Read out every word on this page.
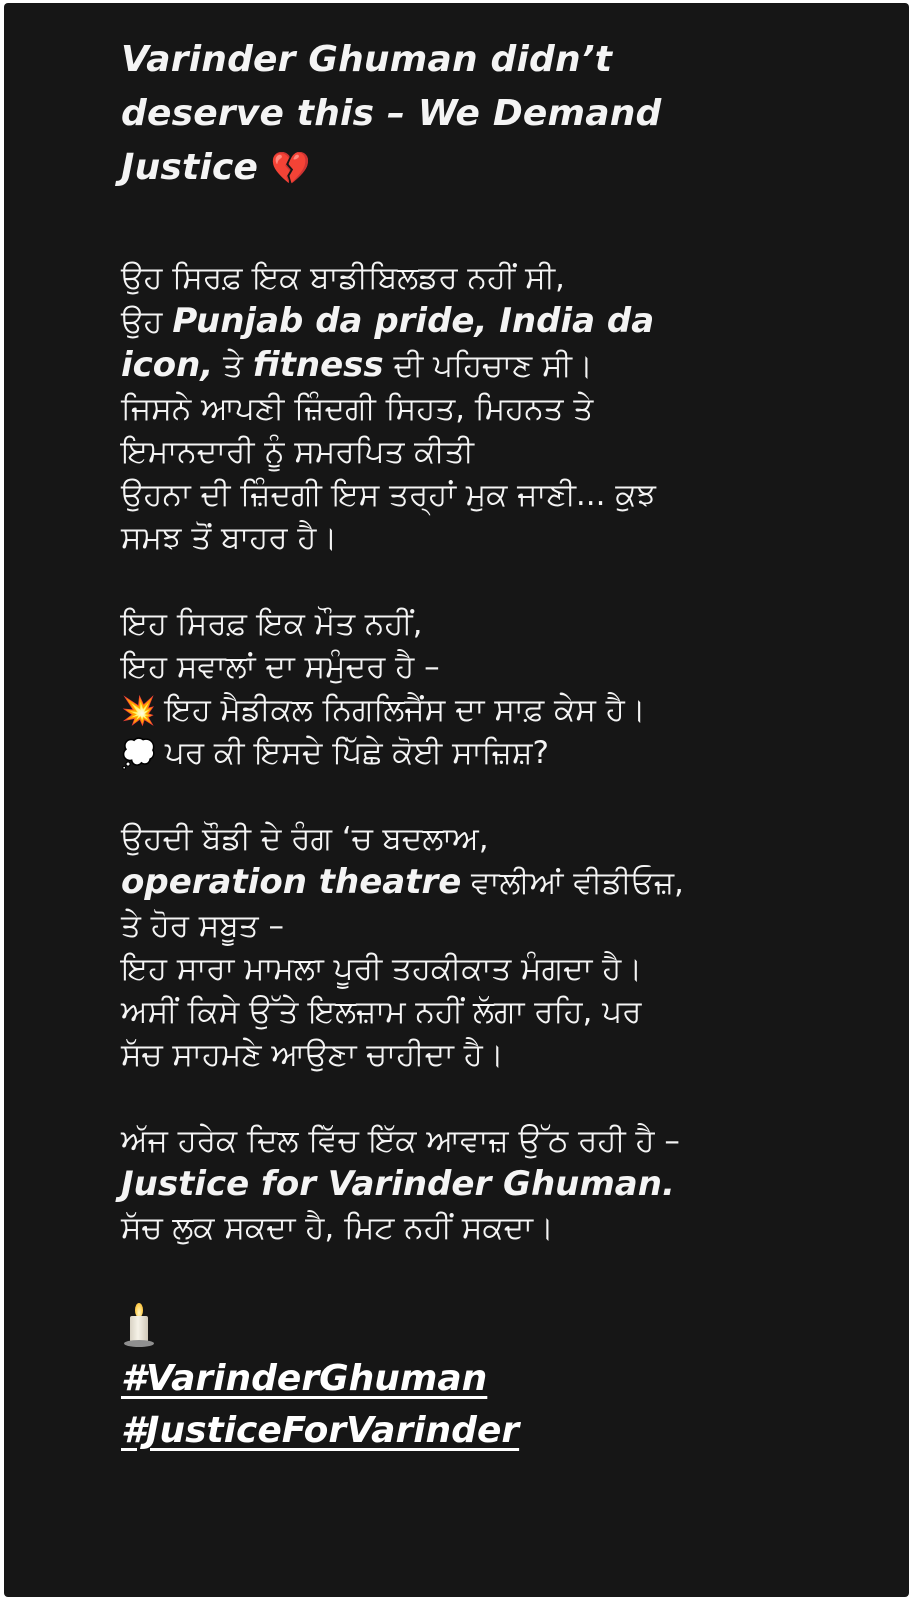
Varinder Ghuman didn’t
deserve this – We Demand
Justice 💔

ਉਹ ਸਿਰਫ਼ ਇਕ ਬਾਡੀਬਿਲਡਰ ਨਹੀਂ ਸੀ,
ਉਹ Punjab da pride, India da
icon, ਤੇ fitness ਦੀ ਪਹਿਚਾਣ ਸੀ।
ਜਿਸਨੇ ਆਪਣੀ ਜ਼ਿੰਦਗੀ ਸਿਹਤ, ਮਿਹਨਤ ਤੇ
ਇਮਾਨਦਾਰੀ ਨੂੰ ਸਮਰਪਿਤ ਕੀਤੀ
ਉਹਨਾ ਦੀ ਜ਼ਿੰਦਗੀ ਇਸ ਤਰ੍ਹਾਂ ਮੁਕ ਜਾਣੀ... ਕੁਝ
ਸਮਝ ਤੋਂ ਬਾਹਰ ਹੈ।

ਇਹ ਸਿਰਫ਼ ਇਕ ਮੌਤ ਨਹੀਂ,
ਇਹ ਸਵਾਲਾਂ ਦਾ ਸਮੁੰਦਰ ਹੈ –
💥 ਇਹ ਮੈਡੀਕਲ ਨਿਗਲਿਜੈਂਸ ਦਾ ਸਾਫ਼ ਕੇਸ ਹੈ।
💭 ਪਰ ਕੀ ਇਸਦੇ ਪਿੱਛੇ ਕੋਈ ਸਾਜ਼ਿਸ਼?

ਉਹਦੀ ਬੌਡੀ ਦੇ ਰੰਗ ‘ਚ ਬਦਲਾਅ,
operation theatre ਵਾਲੀਆਂ ਵੀਡੀਓਜ਼,
ਤੇ ਹੋਰ ਸਬੂਤ –
ਇਹ ਸਾਰਾ ਮਾਮਲਾ ਪੂਰੀ ਤਹਕੀਕਾਤ ਮੰਗਦਾ ਹੈ।
ਅਸੀਂ ਕਿਸੇ ਉੱਤੇ ਇਲਜ਼ਾਮ ਨਹੀਂ ਲੱਗਾ ਰਹਿ, ਪਰ
ਸੱਚ ਸਾਹਮਣੇ ਆਉਣਾ ਚਾਹੀਦਾ ਹੈ।

ਅੱਜ ਹਰੇਕ ਦਿਲ ਵਿੱਚ ਇੱਕ ਆਵਾਜ਼ ਉੱਠ ਰਹੀ ਹੈ –
Justice for Varinder Ghuman.
ਸੱਚ ਲੁਕ ਸਕਦਾ ਹੈ, ਮਿਟ ਨਹੀਂ ਸਕਦਾ।

#VarinderGhuman
#JusticeForVarinder
